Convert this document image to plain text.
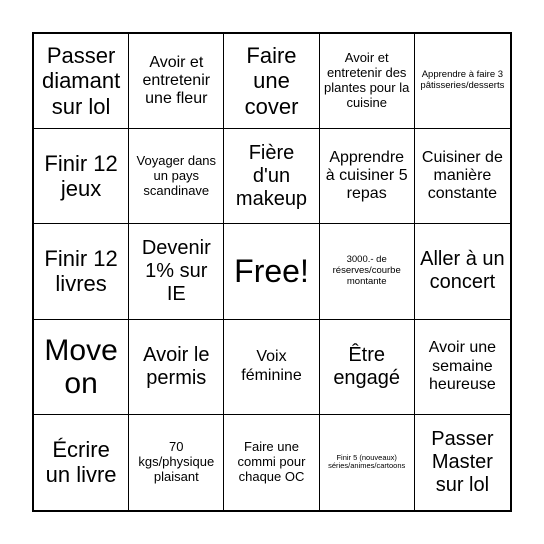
Passer diamant sur lol
Avoir et entretenir une fleur
Faire une cover
Avoir et entretenir des plantes pour la cuisine
Apprendre à faire 3 pâtisseries/desserts
Finir 12 jeux
Voyager dans un pays scandinave
Fière d'un makeup
Apprendre à cuisiner 5 repas
Cuisiner de manière constante
Finir 12 livres
Devenir 1% sur IE
Free!	3000.- de réserves/courbe montante
Aller à un concert
Move on
Avoir le permis
Voix féminine
Être engagé
Avoir une semaine heureuse
Écrire un livre
70 kgs/physique plaisant
Faire une commi pour chaque OC
Finir 5 (nouveaux) séries/animes/cartoons
Passer Master sur lol
